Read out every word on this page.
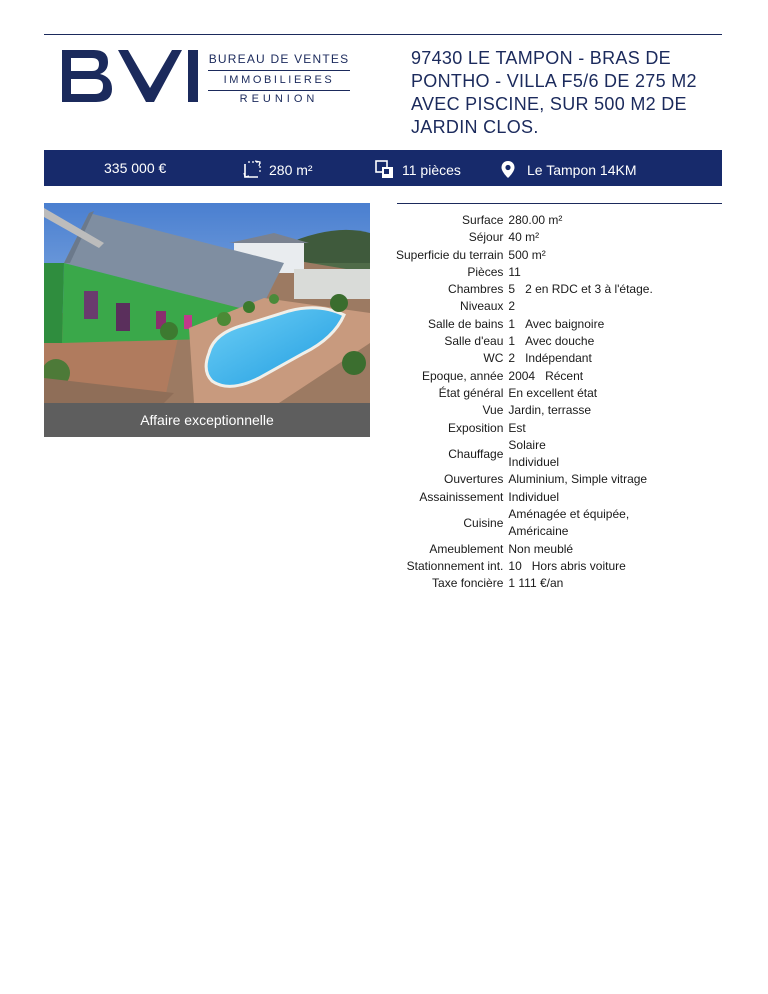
BUREAU DE VENTES
IMMOBILIERES
REUNION
97430 LE TAMPON - BRAS DE PONTHO - VILLA F5/6 DE 275 M2 AVEC PISCINE, SUR 500 M2 DE JARDIN CLOS.
335 000 €	280 m²	11 pièces	Le Tampon 14KM
Affaire exceptionnelle
Surface	280.00 m²
Séjour	40 m²
Superficie du terrain	500 m²
Pièces	11
Chambres	5 2 en RDC et 3 à l'étage.
Niveaux	2
Salle de bains	1 Avec baignoire
Salle d'eau	1 Avec douche
WC	2 Indépendant
Epoque, année	2004 Récent
État général	En excellent état
Vue	Jardin, terrasse
Exposition	Est
Chauffage	Solaire
Individuel
Ouvertures	Aluminium, Simple vitrage
Assainissement	Individuel
Cuisine	Aménagée et équipée,
Américaine
Ameublement	Non meublé
Stationnement int.	10 Hors abris voiture
Taxe foncière	1 111 €/an
